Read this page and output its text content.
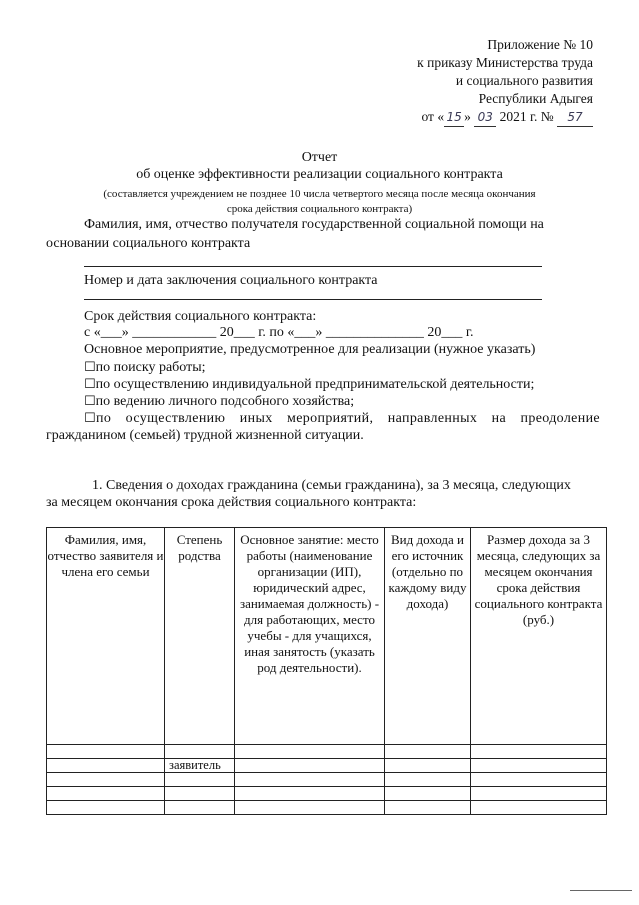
Приложение № 10
к приказу Министерства труда
и социального развития
Республики Адыгея
от « 15 » 03 2021 г. № 57
Отчет
об оценке эффективности реализации социального контракта
(составляется учреждением не позднее 10 числа четвертого месяца после месяца окончания
срока действия социального контракта)
Фамилия, имя, отчество получателя государственной социальной помощи на
основании социального контракта
Номер и дата заключения социального контракта
Срок действия социального контракта:
с «___» ____________ 20___ г. по «___» ______________ 20___ г.
Основное мероприятие, предусмотренное для реализации (нужное указать)
☐по поиску работы;
☐по осуществлению индивидуальной предпринимательской деятельности;
☐по ведению личного подсобного хозяйства;
☐по осуществлению иных мероприятий, направленных на преодоление
гражданином (семьей) трудной жизненной ситуации.
1. Сведения о доходах гражданина (семьи гражданина), за 3 месяца, следующих
за месяцем окончания срока действия социального контракта:
Фамилия, имя, отчество заявителя и члена его семьи	Степень родства	Основное занятие: место работы (наименование организации (ИП), юридический адрес, занимаемая должность) - для работающих, место учебы - для учащихся, иная занятость (указать род деятельности).	Вид дохода и его источник (отдельно по каждому виду дохода)	Размер дохода за 3 месяца, следующих за месяцем окончания срока действия социального контракта (руб.)

	заявитель			
